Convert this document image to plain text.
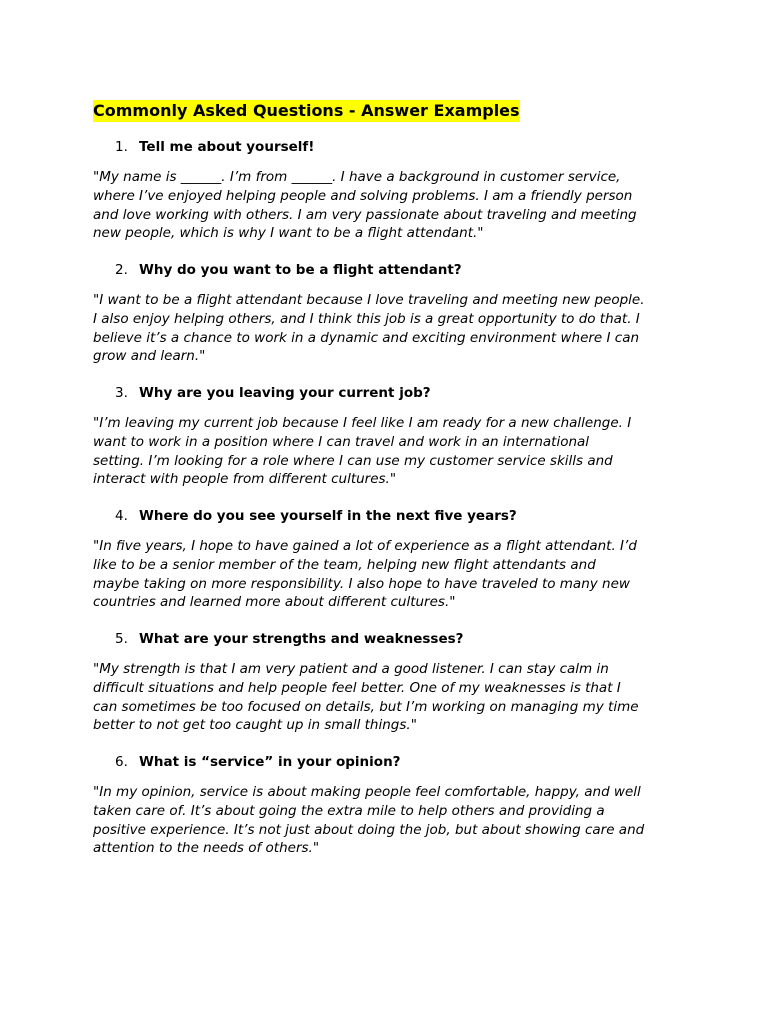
Commonly Asked Questions - Answer Examples
1. Tell me about yourself!

"My name is ______. I’m from ______. I have a background in customer service,
where I’ve enjoyed helping people and solving problems. I am a friendly person
and love working with others. I am very passionate about traveling and meeting
new people, which is why I want to be a flight attendant."

2. Why do you want to be a flight attendant?

"I want to be a flight attendant because I love traveling and meeting new people.
I also enjoy helping others, and I think this job is a great opportunity to do that. I
believe it’s a chance to work in a dynamic and exciting environment where I can
grow and learn."

3. Why are you leaving your current job?

"I’m leaving my current job because I feel like I am ready for a new challenge. I
want to work in a position where I can travel and work in an international
setting. I’m looking for a role where I can use my customer service skills and
interact with people from different cultures."

4. Where do you see yourself in the next five years?

"In five years, I hope to have gained a lot of experience as a flight attendant. I’d
like to be a senior member of the team, helping new flight attendants and
maybe taking on more responsibility. I also hope to have traveled to many new
countries and learned more about different cultures."

5. What are your strengths and weaknesses?

"My strength is that I am very patient and a good listener. I can stay calm in
difficult situations and help people feel better. One of my weaknesses is that I
can sometimes be too focused on details, but I’m working on managing my time
better to not get too caught up in small things."

6. What is “service” in your opinion?

"In my opinion, service is about making people feel comfortable, happy, and well
taken care of. It’s about going the extra mile to help others and providing a
positive experience. It’s not just about doing the job, but about showing care and
attention to the needs of others."
